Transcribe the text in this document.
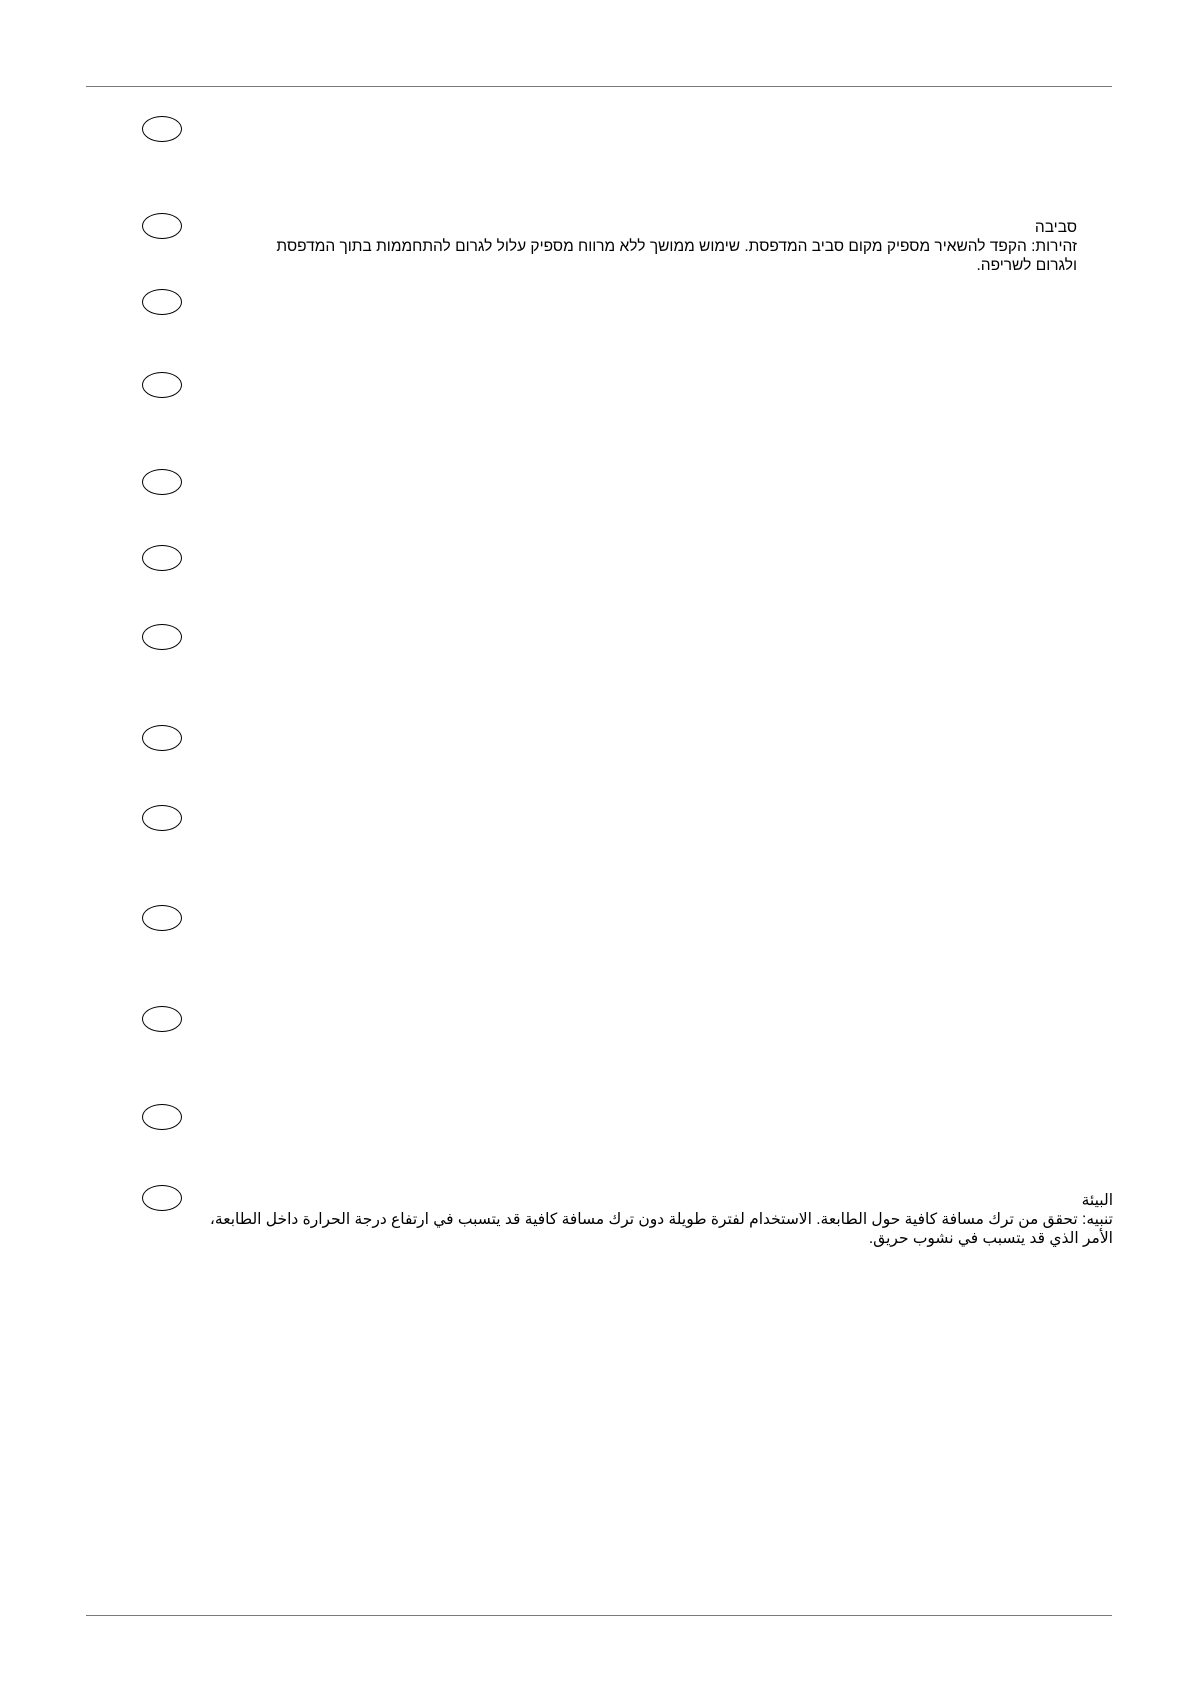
סביבה
זהירות: הקפד להשאיר מספיק מקום סביב המדפסת. שימוש ממושך ללא מרווח מספיק עלול לגרום להתחממות בתוך המדפסת ולגרום לשריפה.
البيئة
تنبيه: تحقق من ترك مسافة كافية حول الطابعة. الاستخدام لفترة طويلة دون ترك مسافة كافية قد يتسبب في ارتفاع درجة الحرارة داخل الطابعة، الأمر الذي قد يتسبب في نشوب حريق.
